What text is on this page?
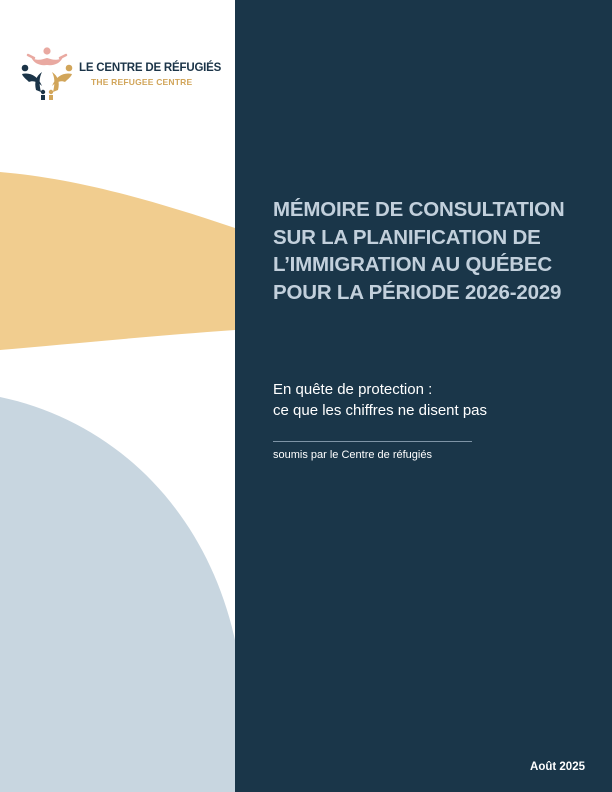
LE CENTRE DE RÉFUGIÉS
THE REFUGEE CENTRE
MÉMOIRE DE CONSULTATION SUR LA PLANIFICATION DE L’IMMIGRATION AU QUÉBEC POUR LA PÉRIODE 2026-2029

En quête de protection :
ce que les chiffres ne disent pas

soumis par le Centre de réfugiés
Août 2025
